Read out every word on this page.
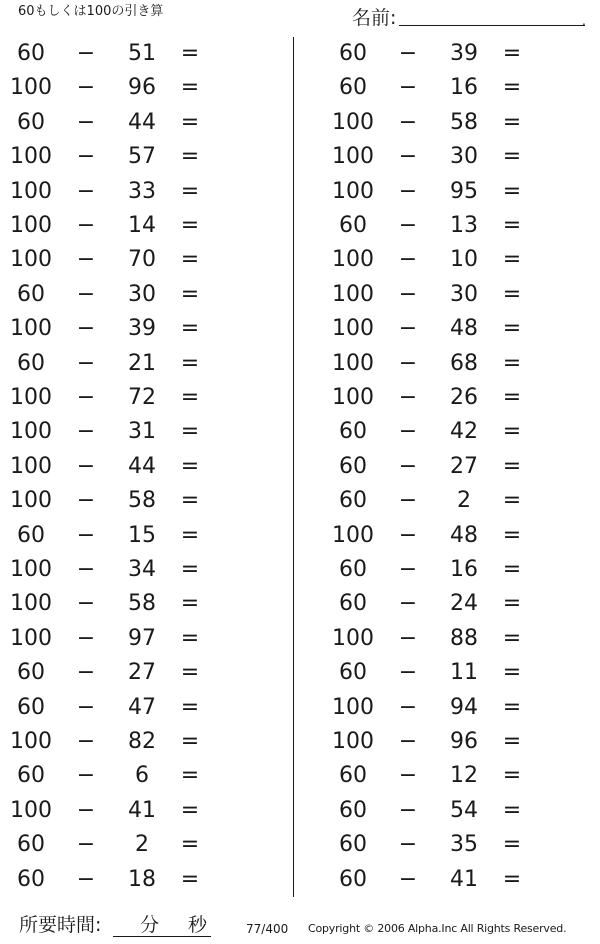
60もしくは100の引き算	名前:	.
60	−	51	=
100	−	96	=
60	−	44	=
100	−	57	=
100	−	33	=
100	−	14	=
100	−	70	=
60	−	30	=
100	−	39	=
60	−	21	=
100	−	72	=
100	−	31	=
100	−	44	=
100	−	58	=
60	−	15	=
100	−	34	=
100	−	58	=
100	−	97	=
60	−	27	=
60	−	47	=
100	−	82	=
60	−	6	=
100	−	41	=
60	−	2	=
60	−	18	=
60	−	39	=
60	−	16	=
100	−	58	=
100	−	30	=
100	−	95	=
60	−	13	=
100	−	10	=
100	−	30	=
100	−	48	=
100	−	68	=
100	−	26	=
60	−	42	=
60	−	27	=
60	−	2	=
100	−	48	=
60	−	16	=
60	−	24	=
100	−	88	=
60	−	11	=
100	−	94	=
100	−	96	=
60	−	12	=
60	−	54	=
60	−	35	=
60	−	41	=
所要時間: 分 秒	77/400 Copyright © 2006 Alpha.Inc All Rights Reserved.
